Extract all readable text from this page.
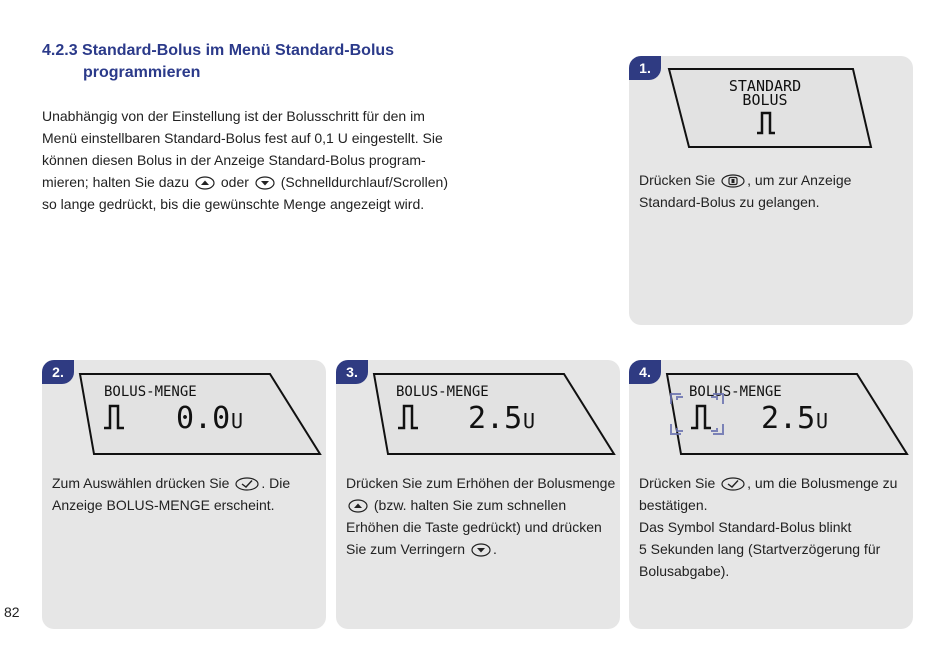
4.2.3 Standard-Bolus im Menü Standard-Bolus
programmieren
Unabhängig von der Einstellung ist der Bolusschritt für den im
Menü einstellbaren Standard-Bolus fest auf 0,1 U eingestellt. Sie
können diesen Bolus in der Anzeige Standard-Bolus program-
mieren; halten Sie dazu oder (Schnelldurchlauf/Scrollen)
so lange gedrückt, bis die gewünschte Menge angezeigt wird.
1.
STANDARD
BOLUS
Drücken Sie , um zur Anzeige
Standard-Bolus zu gelangen.
2.
BOLUS-MENGE
0.0 U
Zum Auswählen drücken Sie . Die
Anzeige BOLUS-MENGE erscheint.
3.
BOLUS-MENGE
2.5 U
Drücken Sie zum Erhöhen der Bolusmenge
(bzw. halten Sie zum schnellen
Erhöhen die Taste gedrückt) und drücken
Sie zum Verringern .
4.
BOLUS-MENGE
2.5 U
Drücken Sie , um die Bolusmenge zu
bestätigen.
Das Symbol Standard-Bolus blinkt
5 Sekunden lang (Startverzögerung für
Bolusabgabe).
82
